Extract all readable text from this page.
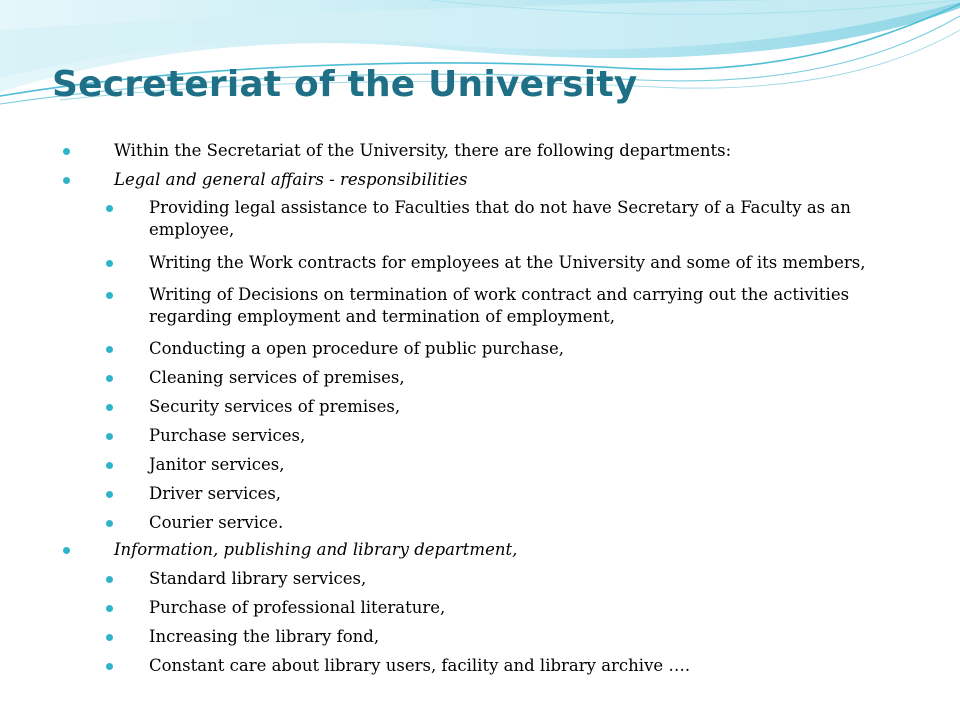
Secreteriat of the University
Within the Secretariat of the University, there are following departments:
Legal and general affairs - responsibilities
Providing legal assistance to Faculties that do not have Secretary of a Faculty as an employee,
Writing the Work contracts for employees at the University and some of its members,
Writing of Decisions on termination of work contract and carrying out the activities regarding employment and termination of employment,
Conducting a open procedure of public purchase,
Cleaning services of premises,
Security services of premises,
Purchase services,
Janitor services,
Driver services,
Courier service.
Information, publishing and library department,
Standard library services,
Purchase of professional literature,
Increasing the library fond,
Constant care about library users, facility and library archive ….
